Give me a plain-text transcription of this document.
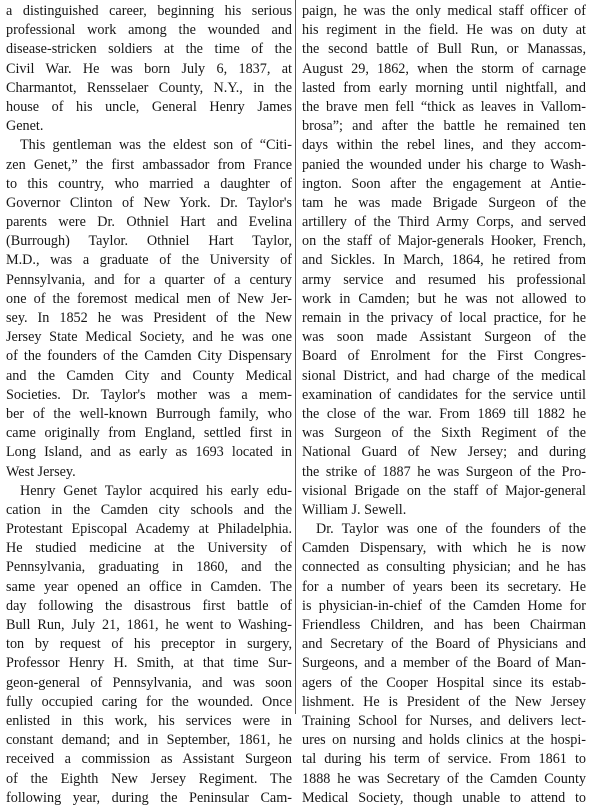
a distinguished career, beginning his serious
professional work among the wounded and
disease-stricken soldiers at the time of the
Civil War. He was born July 6, 1837, at
Charmantot, Rensselaer County, N.Y., in the
house of his uncle, General Henry James
Genet.
This gentleman was the eldest son of “Citi-
zen Genet,” the first ambassador from France
to this country, who married a daughter of
Governor Clinton of New York. Dr. Taylor's
parents were Dr. Othniel Hart and Evelina
(Burrough) Taylor. Othniel Hart Taylor,
M.D., was a graduate of the University of
Pennsylvania, and for a quarter of a century
one of the foremost medical men of New Jer-
sey. In 1852 he was President of the New
Jersey State Medical Society, and he was one
of the founders of the Camden City Dispensary
and the Camden City and County Medical
Societies. Dr. Taylor's mother was a mem-
ber of the well-known Burrough family, who
came originally from England, settled first in
Long Island, and as early as 1693 located in
West Jersey.
Henry Genet Taylor acquired his early edu-
cation in the Camden city schools and the
Protestant Episcopal Academy at Philadelphia.
He studied medicine at the University of
Pennsylvania, graduating in 1860, and the
same year opened an office in Camden. The
day following the disastrous first battle of
Bull Run, July 21, 1861, he went to Washing-
ton by request of his preceptor in surgery,
Professor Henry H. Smith, at that time Sur-
geon-general of Pennsylvania, and was soon
fully occupied caring for the wounded. Once
enlisted in this work, his services were in
constant demand; and in September, 1861, he
received a commission as Assistant Surgeon
of the Eighth New Jersey Regiment. The
following year, during the Peninsular Cam-
paign, he was the only medical staff officer of
his regiment in the field. He was on duty at
the second battle of Bull Run, or Manassas,
August 29, 1862, when the storm of carnage
lasted from early morning until nightfall, and
the brave men fell “thick as leaves in Vallom-
brosa”; and after the battle he remained ten
days within the rebel lines, and they accom-
panied the wounded under his charge to Wash-
ington. Soon after the engagement at Antie-
tam he was made Brigade Surgeon of the
artillery of the Third Army Corps, and served
on the staff of Major-generals Hooker, French,
and Sickles. In March, 1864, he retired from
army service and resumed his professional
work in Camden; but he was not allowed to
remain in the privacy of local practice, for he
was soon made Assistant Surgeon of the
Board of Enrolment for the First Congres-
sional District, and had charge of the medical
examination of candidates for the service until
the close of the war. From 1869 till 1882 he
was Surgeon of the Sixth Regiment of the
National Guard of New Jersey; and during
the strike of 1887 he was Surgeon of the Pro-
visional Brigade on the staff of Major-general
William J. Sewell.
Dr. Taylor was one of the founders of the
Camden Dispensary, with which he is now
connected as consulting physician; and he has
for a number of years been its secretary. He
is physician-in-chief of the Camden Home for
Friendless Children, and has been Chairman
and Secretary of the Board of Physicians and
Surgeons, and a member of the Board of Man-
agers of the Cooper Hospital since its estab-
lishment. He is President of the New Jersey
Training School for Nurses, and delivers lect-
ures on nursing and holds clinics at the hospi-
tal during his term of service. From 1861 to
1888 he was Secretary of the Camden County
Medical Society, though unable to attend to
